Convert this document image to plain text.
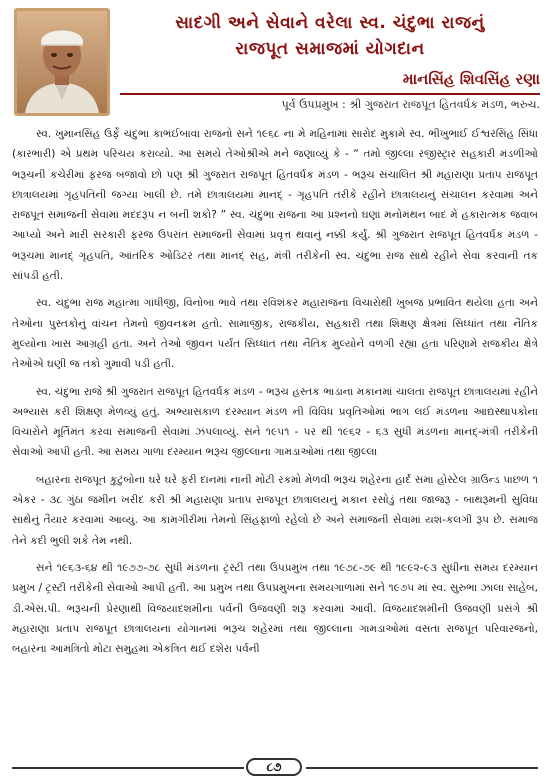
સાદગી અને સેવાને વરેલા સ્વ. ચંદુભા રાજનું
રાજપૂત સમાજમાં યોગદાન
માનસિંહ શિવસિંહ રણા
પૂર્વ ઉપપ્રમુખ : શ્રી ગુજરાત રાજપૂત હિતવર્ધક મંડળ, ભરુચ.

સ્વ. ખુમાનસિંહ ઉર્ફે ચંદુભા કાભઈબાવા રાજનો સને ૧૯૬૮ ના મે મહિનામાં સારોદ મુકામે સ્વ. ભીખુભાઈ ઈશ્વરસિંહ સિંધા (કારભારી) એ પ્રથમ પરિચય કરાવ્યો. આ સમયે તેઓશ્રીએ મને જણાવ્યું કે - “ તમો જીલ્લા રજીસ્ટ્રાર સહકારી મંડળીઓ ભરૂચની કચેરીમાં ફરજ બજાવો છો પણ શ્રી ગુજરાત રાજપૂત હિતવર્ધક મંડળ - ભરૂચ સંચાલિત શ્રી મહારાણા પ્રતાપ રાજપૂત છાત્રાલયમાં ગૃહપતિની જગ્યા ખાલી છે. તમે છાત્રાલયમાં માનદ્‌ - ગૃહપતિ તરીકે રહીને છાત્રાલયનું સંચાલન કરવામાં અને રાજપૂત સમાજની સેવામાં મદદરૂપ ન બની શકો? ” સ્વ. ચંદુભા રાજના આ પ્રશ્નનો ઘણાં મનોમંથન બાદ મેં હકારાત્મક જવાબ આપ્યો અને મારી સરકારી ફરજ ઉપરાંત સમાજની સેવામાં પ્રવૃત્ત થવાનું નક્કી કર્યું. શ્રી ગુજરાત રાજપૂત હિતવર્ધક મંડળ - ભરૂચમાં માનદ્‌ ગૃહપતિ, આંતરિક ઓડિટર તથા માનદ્‌ સહ, મંત્રી તરીકેની સ્વ. ચંદુભા રાજ સાથે રહીને સેવા કરવાની તક સાંપડી હતી.

સ્વ. ચંદુભા રાજ મહાત્મા ગાંધીજી, વિનોબા ભાવે તથા રવિશંકર મહારાજના વિચારોથી ખુબજ પ્રભાવિત થયેલા હતા અને તેઓના પુસ્તકોનું વાંચન તેમનો જીવનક્રમ હતો. સામાજીક, રાજકીય, સહકારી તથા શિક્ષણ ક્ષેત્રમાં સિધ્ધાંત તથા નૈતિક મુલ્યોના ખાસ આગ્રહી હતા. અને તેઓ જીવન પર્યંત સિધ્ધાંત તથા નૈતિક મુલ્યોને વળગી રહ્યા હતા પરિણામે રાજકીય ક્ષેત્રે તેઓએ ઘણી જ તકો ગુમાવી પડી હતી.

સ્વ. ચંદુભા રાજે શ્રી ગુજરાત રાજપૂત હિતવર્ધક મંડળ - ભરૂચ હસ્તક ભાડાના મકાનમાં ચાલતા રાજપૂત છાત્રાલયમાં રહીને અભ્યાસ કરી શિક્ષણ મેળવ્યું હતું. અભ્યાસકાળ દરમ્યાન મંડળ ની વિવિધ પ્રવૃતિઓમાં ભાગ લઈ મંડળના આદ્યસ્થાપકોના વિચારોને મૂર્તિમંત કરવા સમાજની સેવામાં ઝંપલાવ્યું. સને ૧૯૫૧ - પર થી ૧૯૬૨ - ૬૩ સુધી મંડળના માનદ્‌-મંત્રી તરીકેની સેવાઓ આપી હતી. આ સમય ગાળા દરમ્યાન ભરૂચ જીલ્લાના ગામડાઓમાં તથા જીલ્લા

બહારના રાજપૂત કુટુંબોના ઘરે ઘરે ફરી દાનમાં નાની મોટી રકમો મેળવી ભરૂચ શહેરના હાર્દ સમા હોસ્ટેલ ગ્રાઉન્ડ પાછળ ૧ એકર - ૩૮ ગુંઠા જમીન ખરીદ કરી શ્રી મહારાણા પ્રતાપ રાજપૂત છાત્રાલયનું મકાન રસોડું તથા જાજરૂ - બાથરૂમની સુવિધા સાથેનું તૈયાર કરવામાં આવ્યું. આ કામગીરીમાં તેમનો સિંહફાળો રહેલો છે અને સમાજની સેવામાં યશ-કલગી રૂપ છે. સમાજ તેને કદી ભુલી શકે તેમ નથી.

સને ૧૯૬૩-૬૪ થી ૧૯૭૭-૭૮ સુધી મંડળના ટ્રસ્ટી તથા ઉપપ્રમુખ તથા ૧૯૭૮-૭૯ થી ૧૯૯૨-૯૩ સુધીના સમય દરમ્યાન પ્રમુખ / ટ્રસ્ટી તરીકેની સેવાઓ આપી હતી. આ પ્રમુખ તથા ઉપપ્રમુખના સમયગાળામાં સને ૧૯૭૫ માં સ્વ. સુરુભા ઝાલા સાહેબ, ડી.એસ.પી. ભરૂચની પ્રેરણાથી વિજયાદશમીના પર્વની ઉજવણી શરૂ કરવામાં આવી. વિજયાદશમીની ઉજવણી પ્રસંગે શ્રી મહારાણા પ્રતાપ રાજપૂત છાત્રાલયના યોગાનમાં ભરૂચ શહેરમાં તથા જીલ્લાના ગામડાઓમાં વસતા રાજપૂત પરિવારજનો, બહારના આમંત્રિતો મોટા સમુહમાં એકત્રિત થઈ દશેરા પર્વની

૮૭
